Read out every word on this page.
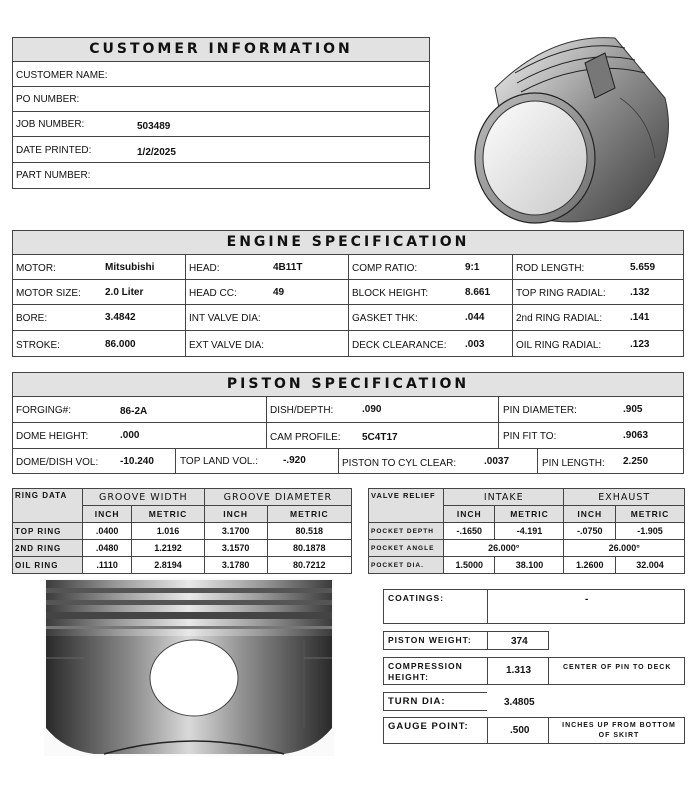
CUSTOMER INFORMATION
CUSTOMER NAME:
PO NUMBER:
JOB NUMBER:	503489
DATE PRINTED:	1/2/2025
PART NUMBER:
ENGINE SPECIFICATION
MOTOR:	Mitsubishi	HEAD:	4B11T	COMP RATIO:	9:1	ROD LENGTH:	5.659
MOTOR SIZE: 2.0 Liter	HEAD CC:	49	BLOCK HEIGHT:	8.661	TOP RING RADIAL: .132
BORE:	3.4842	INT VALVE DIA:	GASKET THK:	.044	2nd RING RADIAL:	.141
STROKE:	86.000	EXT VALVE DIA:	DECK CLEARANCE: .003	OIL RING RADIAL:	.123
PISTON SPECIFICATION
FORGING#:	86-2A	DISH/DEPTH:	.090	PIN DIAMETER:	.905
DOME HEIGHT:	.000	CAM PROFILE: 5C4T17	PIN FIT TO:	.9063
DOME/DISH VOL: -10.240	TOP LAND VOL.:	-.920	PISTON TO CYL CLEAR:	.0037	PIN LENGTH: 2.250
RING DATA	GROOVE WIDTH		GROOVE DIAMETER	
	INCH	METRIC	INCH	METRIC
TOP RING	.0400	1.016	3.1700	80.518
2ND RING	.0480	1.2192	3.1570	80.1878
OIL RING	.1110	2.8194	3.1780	80.7212
VALVE RELIEF	INTAKE		EXHAUST	
	INCH	METRIC	INCH	METRIC
POCKET DEPTH	-.1650	-4.191	-.0750	-1.905
POCKET ANGLE	26.000°		26.000°	
POCKET DIA.	1.5000	38.100	1.2600	32.004
COATINGS:	-
PISTON WEIGHT:	374
COMPRESSION HEIGHT:
1.313	CENTER OF PIN TO DECK
TURN DIA:	3.4805
GAUGE POINT:	.500	INCHES UP FROM BOTTOM OF SKIRT
